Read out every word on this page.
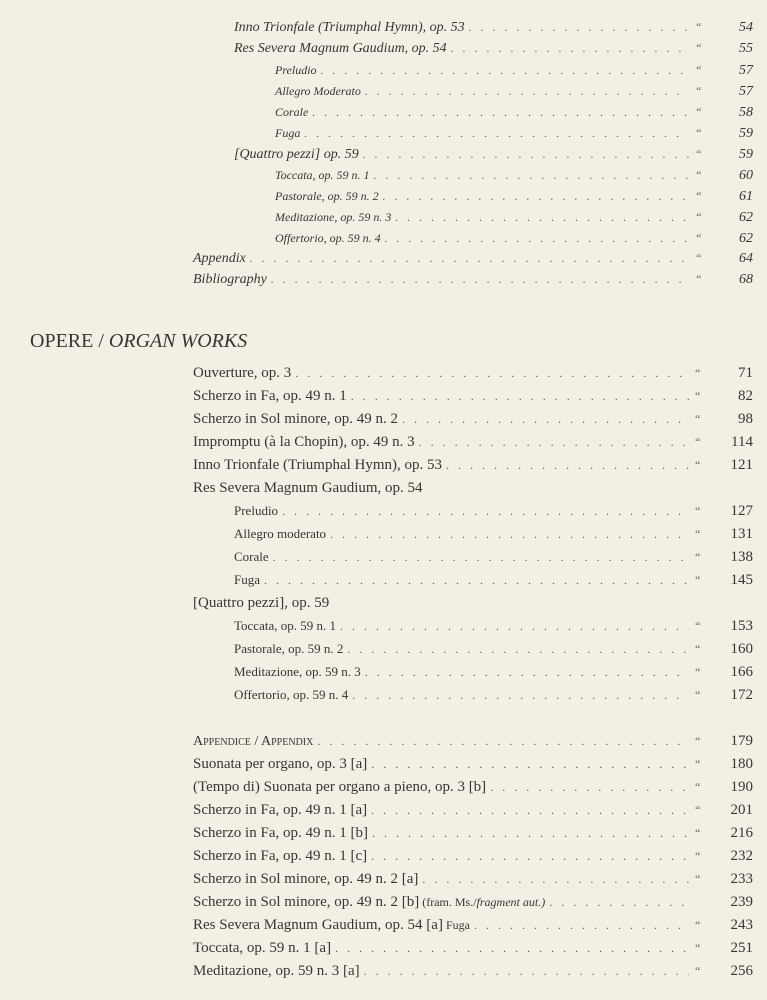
Inno Trionfale (Triumphal Hymn), op. 53 . . .	“	54
Res Severa Magnum Gaudium, op. 54 . . .	“	55
Preludio . . .	“	57
Allegro Moderato . . .	“	57
Corale . . .	“	58
Fuga . . .	“	59
[Quattro pezzi] op. 59 . . .	“	59
Toccata, op. 59 n. 1 . . .	“	60
Pastorale, op. 59 n. 2 . . .	“	61
Meditazione, op. 59 n. 3 . . .	“	62
Offertorio, op. 59 n. 4 . . .	“	62
Appendix . . .	“	64
Bibliography . . .	“	68
OPERE / ORGAN WORKS
Ouverture, op. 3 . . .	“	71
Scherzo in Fa, op. 49 n. 1 . . .	“	82
Scherzo in Sol minore, op. 49 n. 2 . . .	“	98
Impromptu (à la Chopin), op. 49 n. 3 . . .	“	114
Inno Trionfale (Triumphal Hymn), op. 53 . . .	“	121
Res Severa Magnum Gaudium, op. 54
Preludio . . .	“	127
Allegro moderato . . .	“	131
Corale . . .	“	138
Fuga . . .	“	145
[Quattro pezzi], op. 59
Toccata, op. 59 n. 1 . . .	“	153
Pastorale, op. 59 n. 2 . . .	“	160
Meditazione, op. 59 n. 3 . . .	“	166
Offertorio, op. 59 n. 4 . . .	“	172
Appendice / Appendix . . .	“	179
Suonata per organo, op. 3 [a] . . .	“	180
(Tempo di) Suonata per organo a pieno, op. 3 [b] . . .	“	190
Scherzo in Fa, op. 49 n. 1 [a] . . .	“	201
Scherzo in Fa, op. 49 n. 1 [b] . . .	“	216
Scherzo in Fa, op. 49 n. 1 [c] . . .	“	232
Scherzo in Sol minore, op. 49 n. 2 [a] . . .	“	233
Scherzo in Sol minore, op. 49 n. 2 [b] (fram. Ms./fragment aut.) . . .	239
Res Severa Magnum Gaudium, op. 54 [a] Fuga . . .	“	243
Toccata, op. 59 n. 1 [a] . . .	“	251
Meditazione, op. 59 n. 3 [a] . . .	“	256
